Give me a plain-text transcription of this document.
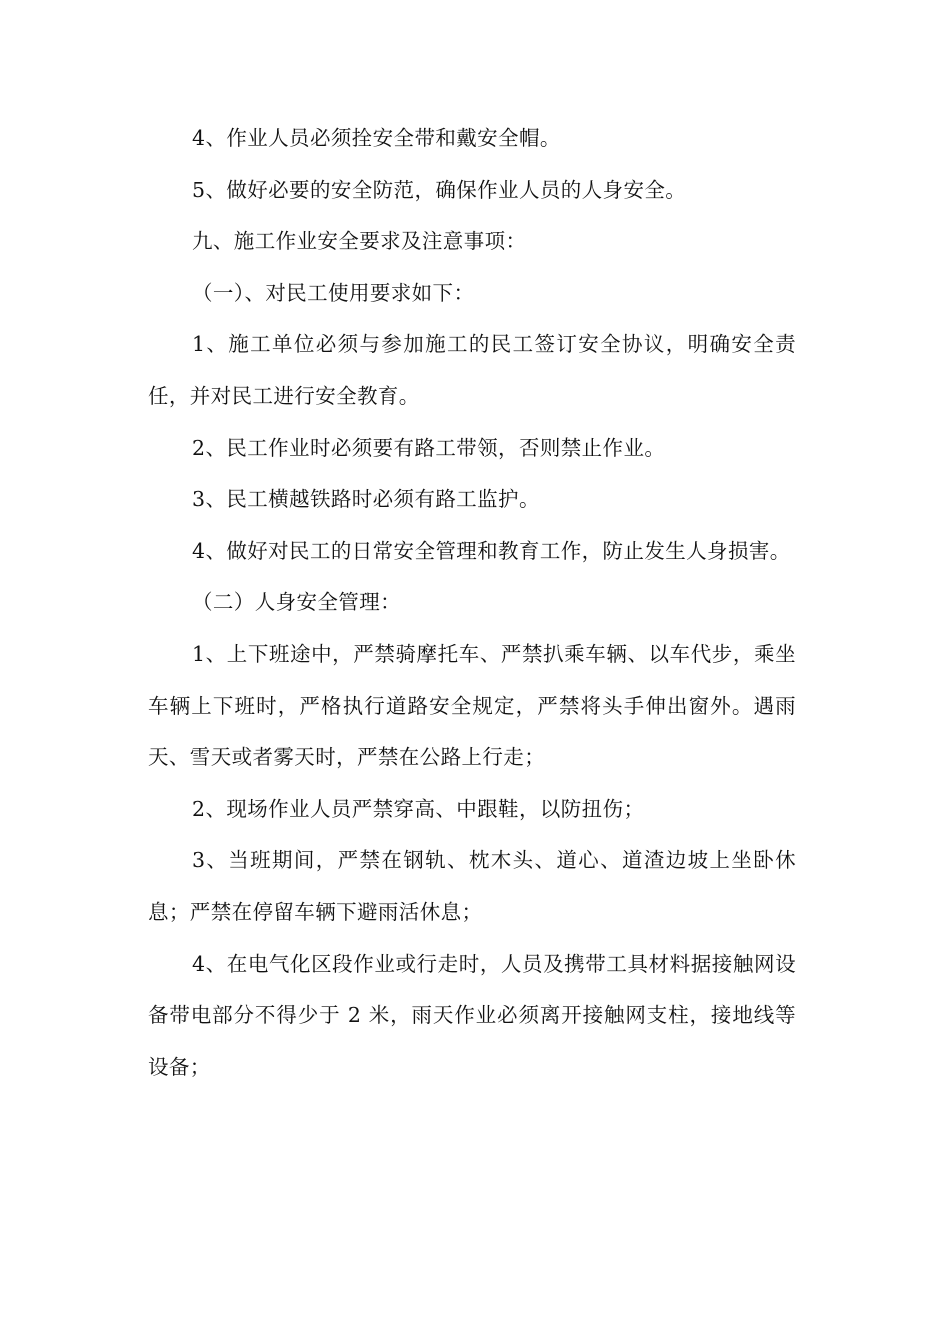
4、作业人员必须拴安全带和戴安全帽。

5、做好必要的安全防范，确保作业人员的人身安全。

九、施工作业安全要求及注意事项：

（一）、对民工使用要求如下：

1、施工单位必须与参加施工的民工签订安全协议，明确安全责任，并对民工进行安全教育。

2、民工作业时必须要有路工带领，否则禁止作业。

3、民工横越铁路时必须有路工监护。

4、做好对民工的日常安全管理和教育工作，防止发生人身损害。

（二）人身安全管理：

1、上下班途中，严禁骑摩托车、严禁扒乘车辆、以车代步，乘坐车辆上下班时，严格执行道路安全规定，严禁将头手伸出窗外。遇雨天、雪天或者雾天时，严禁在公路上行走；

2、现场作业人员严禁穿高、中跟鞋，以防扭伤；

3、当班期间，严禁在钢轨、枕木头、道心、道渣边坡上坐卧休息；严禁在停留车辆下避雨活休息；

4、在电气化区段作业或行走时，人员及携带工具材料据接触网设备带电部分不得少于 2 米，雨天作业必须离开接触网支柱，接地线等设备；
